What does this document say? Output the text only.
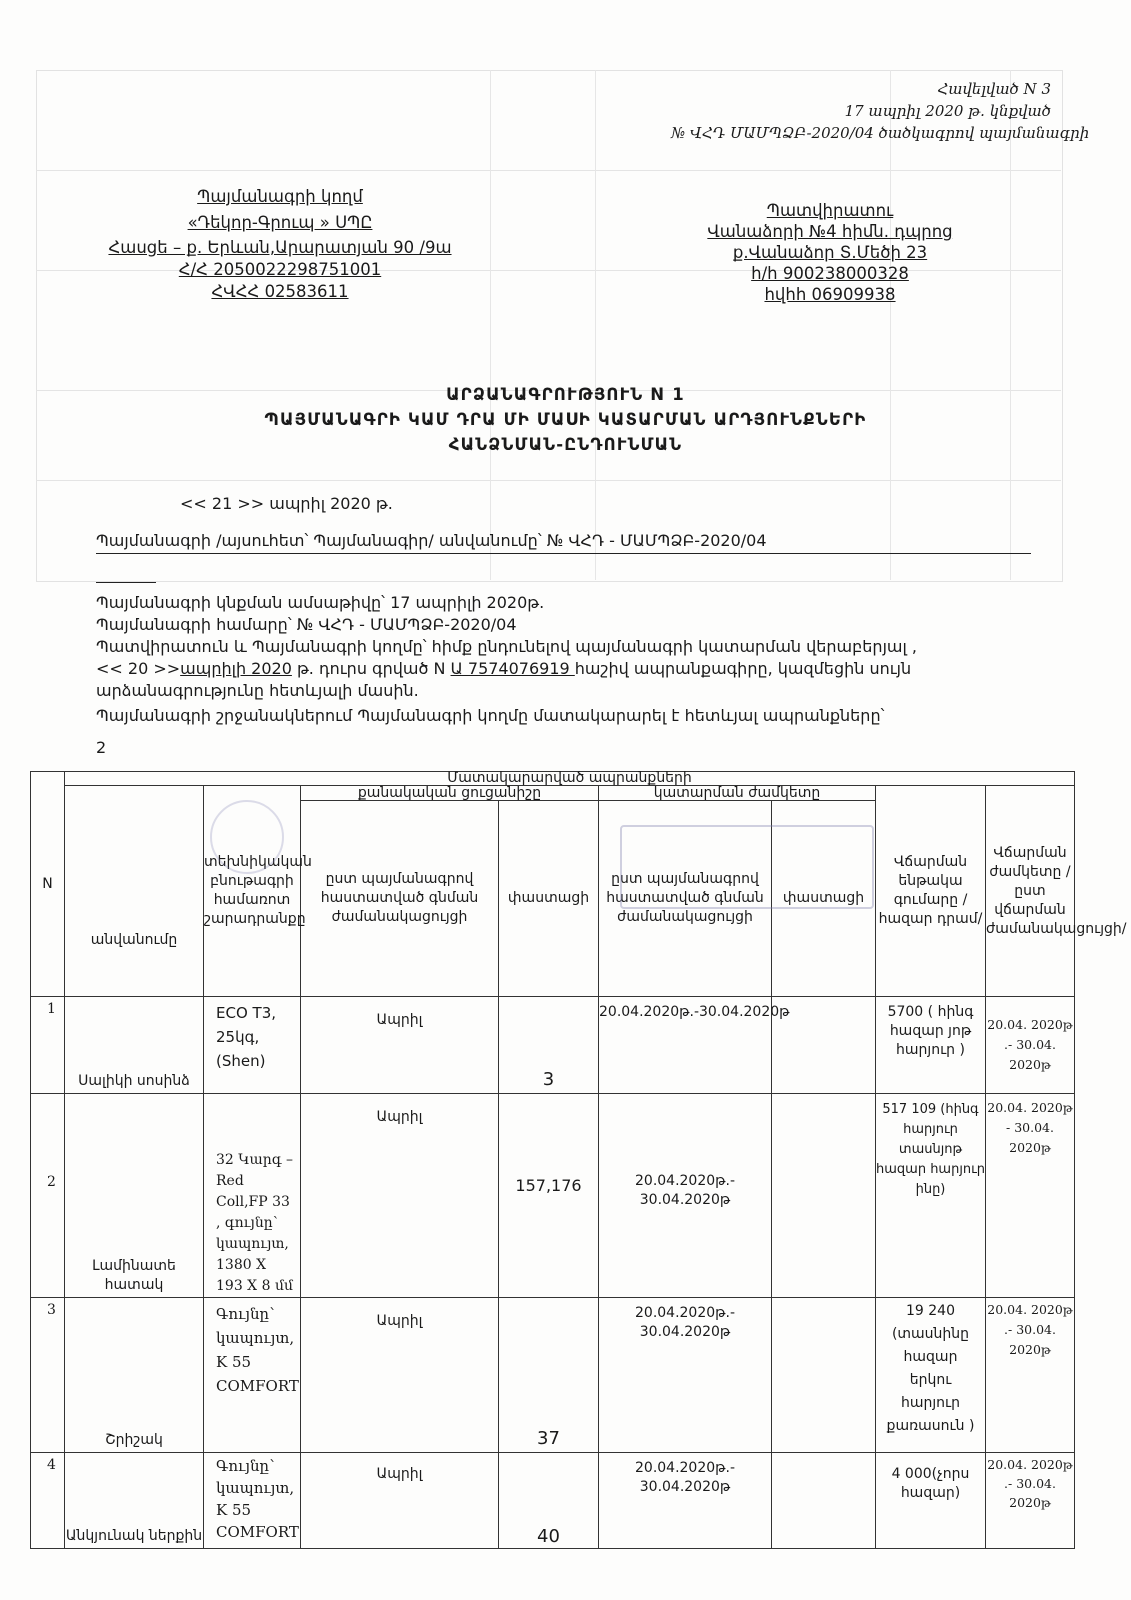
Հավելված N 3
17 ապրիլ 2020 թ. կնքված
№ ՎՀԴ ՄԱՄՊՁԲ-2020/04 ծածկագրով պայմանագրի
Պայմանագրի կողմ
«Դեկոր-Գրուպ » ՍՊԸ
Հասցե – ք. Երևան,Արարատյան 90 /9ա
Հ/Հ 2050022298751001
ՀՎՀՀ 02583611
Պատվիրատու
Վանաձորի №4 հիմն. դպրոց
ք.Վանաձոր Տ.Մեծի 23
հ/հ 900238000328
հվհհ 06909938
ԱՐՁԱՆԱԳՐՈՒԹՅՈՒՆ N 1
ՊԱՅՄԱՆԱԳՐԻ ԿԱՄ ԴՐԱ ՄԻ ՄԱՍԻ ԿԱՏԱՐՄԱՆ ԱՐԴՅՈՒՆՔՆԵՐԻ
ՀԱՆՁՆՄԱՆ-ԸՆԴՈՒՆՄԱՆ
<< 21 >> ապրիլ 2020 թ.
Պայմանագրի /այսուհետ՝ Պայմանագիր/ անվանումը՝ № ՎՀԴ - ՄԱՄՊՁԲ-2020/04
Պայմանագրի կնքման ամսաթիվը՝ 17 ապրիլի 2020թ.
Պայմանագրի համարը՝ № ՎՀԴ - ՄԱՄՊՁԲ-2020/04
Պատվիրատուն և Պայմանագրի կողմը՝ հիմք ընդունելով պայմանագրի կատարման վերաբերյալ ,
<< 20 >>ապրիլի 2020 թ. դուրս գրված N Ա 7574076919 հաշիվ ապրանքագիրը, կազմեցին սույն
արձանագրությունը հետևյալի մասին.
Պայմանագրի շրջանակներում Պայմանագրի կողմը մատակարարել է հետևյալ ապրանքները՝
2
N	Մատակարարված ապրանքների							
	անվանումը	տեխնիկական բնութագրի համառոտ շարադրանքը	քանակական ցուցանիշը		կատարման ժամկետը		Վճարման ենթակա գումարը /հազար դրամ/	Վճարման ժամկետը /ըստ վճարման ժամանակացույցի/
			ըստ պայմանագրով հաստատված գնման ժամանակացույցի	փաստացի	ըստ պայմանագրով հաստատված գնման ժամանակացույցի	փաստացի		
1	Սալիկի սոսինձ	ECO T3, 25կգ, (Shen)	Ապրիլ	3	20.04.2020թ.-30.04.2020թ		5700 ( հինգ հազար յոթ հարյուր )	20.04. 2020թ .- 30.04. 2020թ
2	Լամինատե հատակ	32 Կարգ – Red Coll,FP 33 , գույնը՝ կապույտ, 1380 X 193 X 8 մմ	Ապրիլ	157,176	20.04.2020թ.- 30.04.2020թ		517 109 (հինգ հարյուր տասնյոթ հազար հարյուր ինը)	20.04. 2020թ - 30.04. 2020թ
3	Շրիշակ	Գույնը՝ կապույտ, K 55 COMFORT	Ապրիլ	37	20.04.2020թ.- 30.04.2020թ		19 240 (տասնինը հազար երկու հարյուր քառասուն )	20.04. 2020թ .- 30.04. 2020թ
4	Անկյունակ ներքին	Գույնը՝ կապույտ, K 55 COMFORT	Ապրիլ	40	20.04.2020թ.- 30.04.2020թ		4 000(չորս հազար)	20.04. 2020թ .- 30.04. 2020թ
